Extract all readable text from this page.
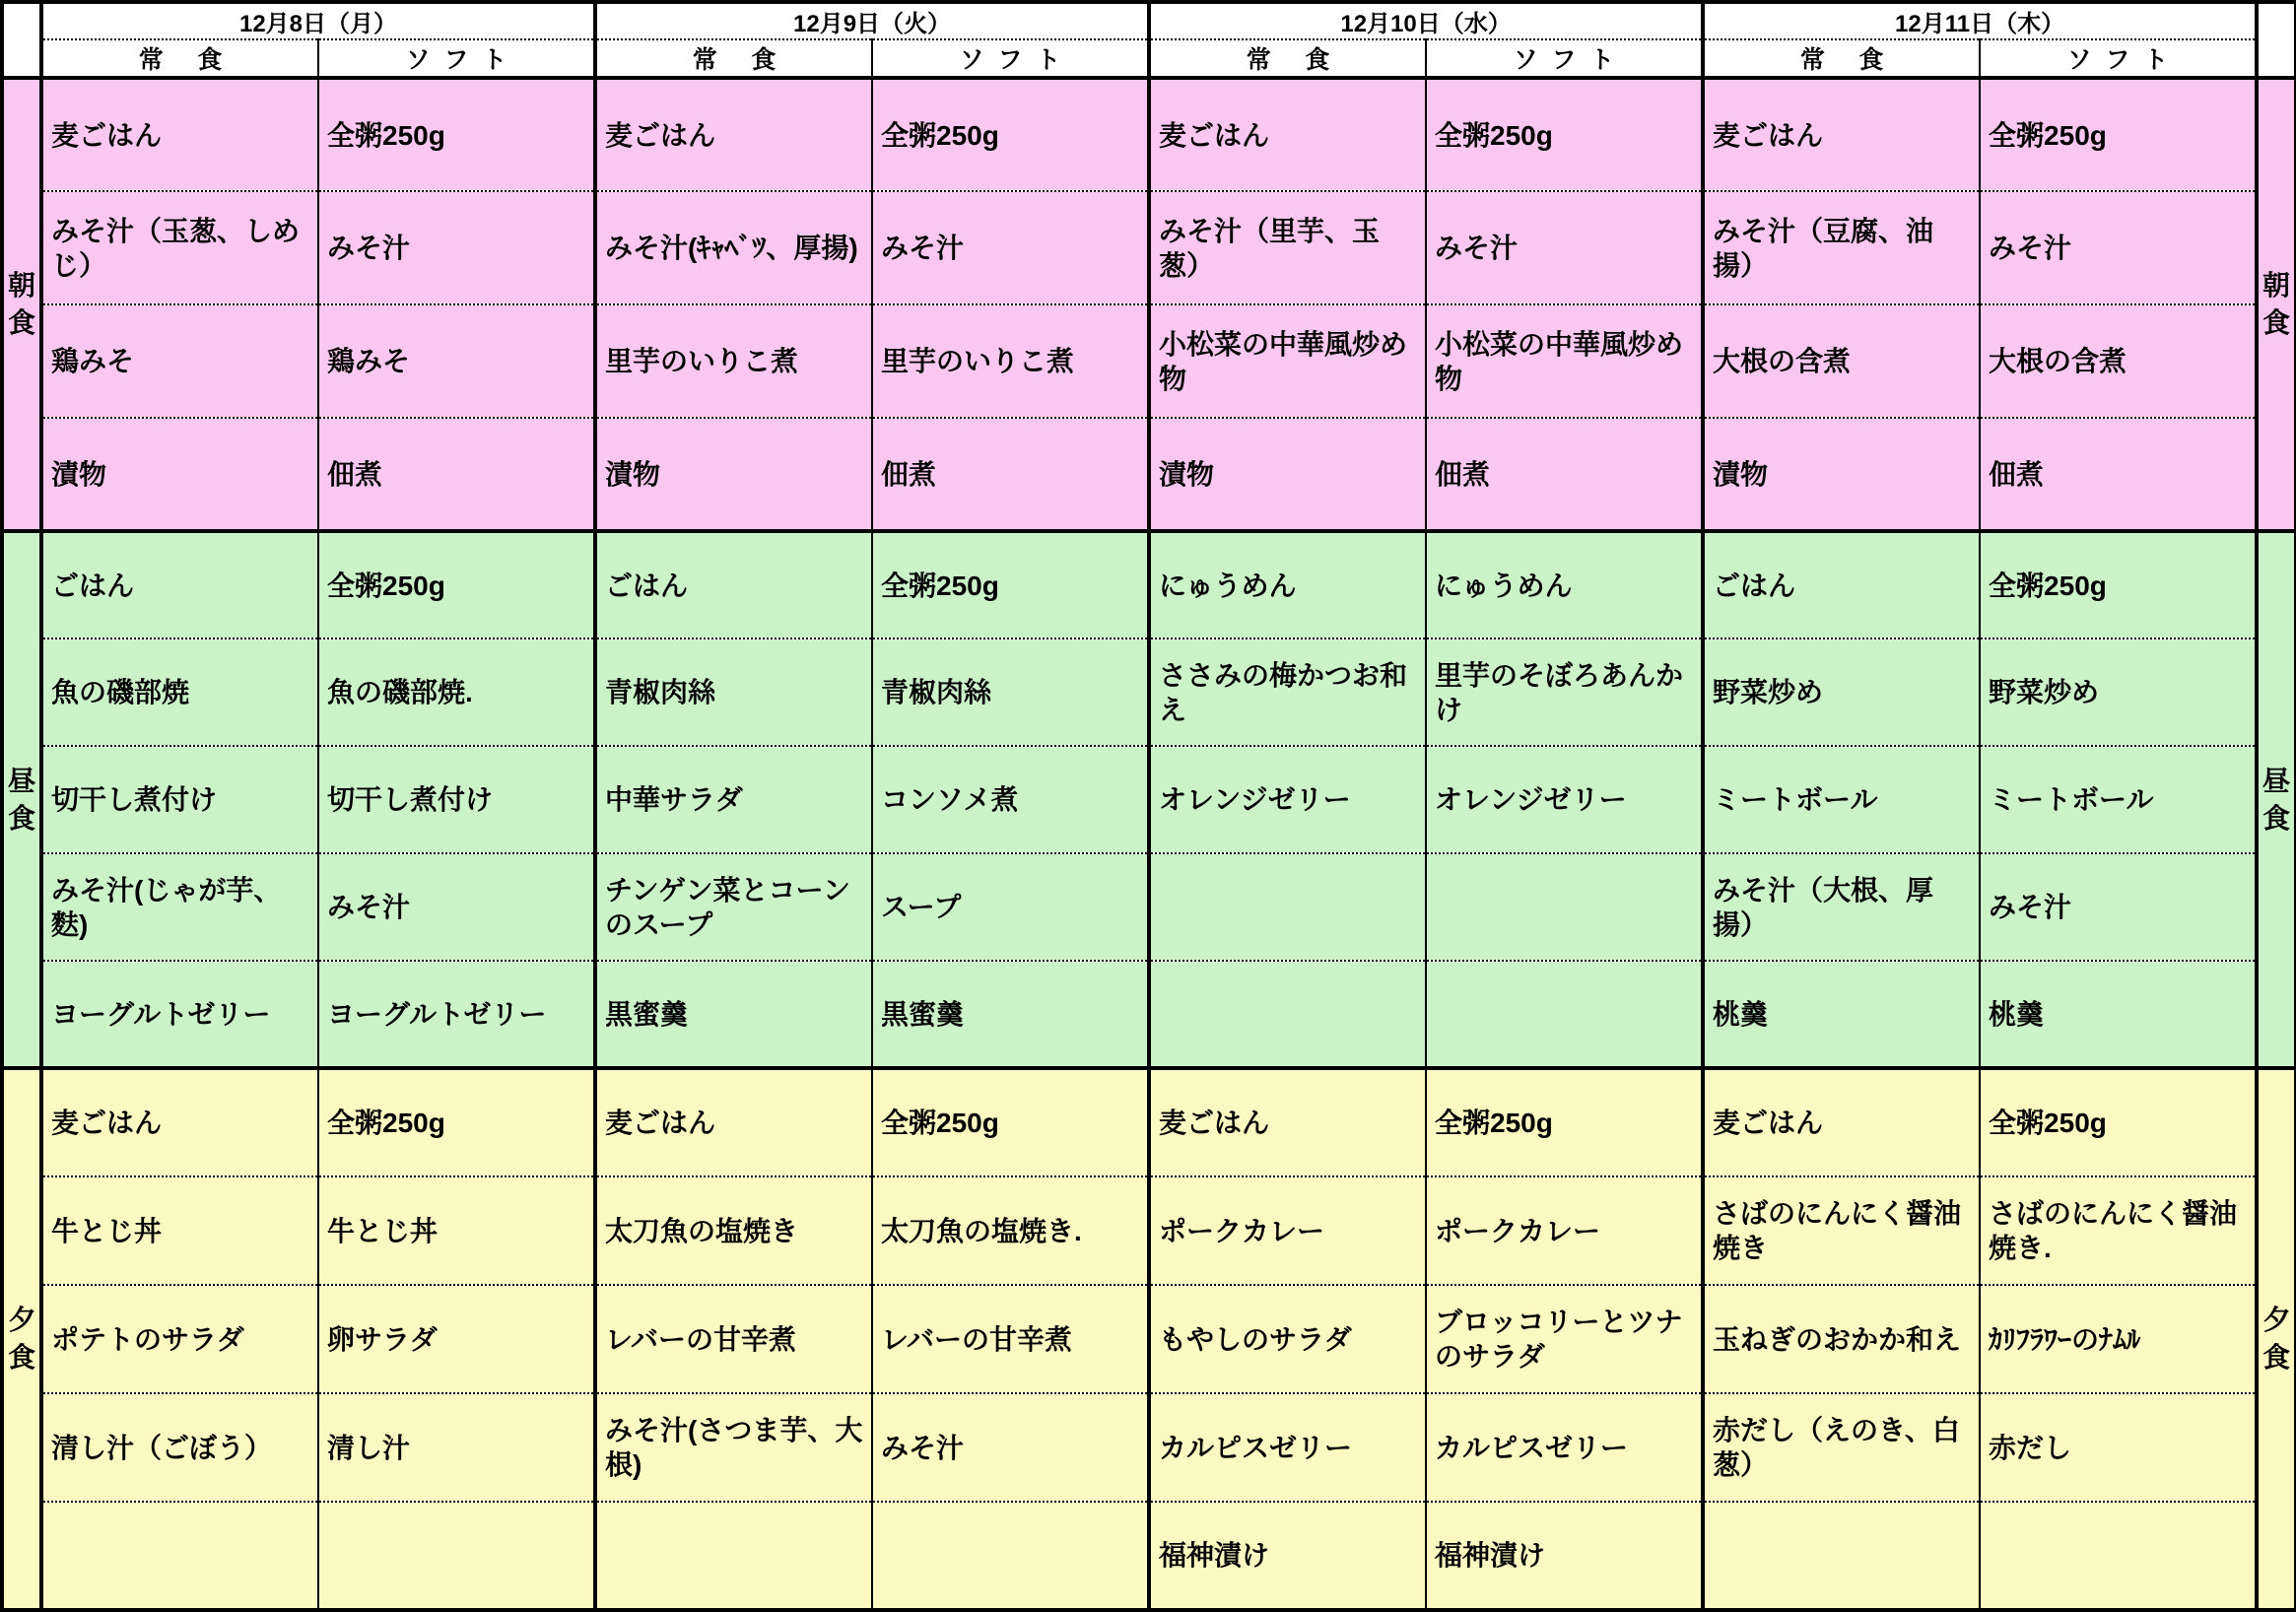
	12月8日（月）		12月9日（火）		12月10日（水）		12月11日（木）		
	常 食	ソフト	常 食	ソフト	常 食	ソフト	常 食	ソフト	
朝食	麦ごはん	全粥250g	麦ごはん	全粥250g	麦ごはん	全粥250g	麦ごはん	全粥250g	朝食
	みそ汁（玉葱、しめじ）	みそ汁	みそ汁(ｷｬﾍﾞﾂ、厚揚)	みそ汁	みそ汁（里芋、玉葱）	みそ汁	みそ汁（豆腐、油揚）	みそ汁	
	鶏みそ	鶏みそ	里芋のいりこ煮	里芋のいりこ煮	小松菜の中華風炒め物	小松菜の中華風炒め物	大根の含煮	大根の含煮	
	漬物	佃煮	漬物	佃煮	漬物	佃煮	漬物	佃煮	
昼食	ごはん	全粥250g	ごはん	全粥250g	にゅうめん	にゅうめん	ごはん	全粥250g	昼食
	魚の磯部焼	魚の磯部焼.	青椒肉絲	青椒肉絲	ささみの梅かつお和え	里芋のそぼろあんかけ	野菜炒め	野菜炒め	
	切干し煮付け	切干し煮付け	中華サラダ	コンソメ煮	オレンジゼリー	オレンジゼリー	ミートボール	ミートボール	
	みそ汁(じゃが芋、麩)	みそ汁	チンゲン菜とコーンのスープ	スープ			みそ汁（大根、厚揚）	みそ汁	
	ヨーグルトゼリー	ヨーグルトゼリー	黒蜜羹	黒蜜羹			桃羹	桃羹	
夕食	麦ごはん	全粥250g	麦ごはん	全粥250g	麦ごはん	全粥250g	麦ごはん	全粥250g	夕食
	牛とじ丼	牛とじ丼	太刀魚の塩焼き	太刀魚の塩焼き.	ポークカレー	ポークカレー	さばのにんにく醤油焼き	さばのにんにく醤油焼き.	
	ポテトのサラダ	卵サラダ	レバーの甘辛煮	レバーの甘辛煮	もやしのサラダ	ブロッコリーとツナのサラダ	玉ねぎのおかか和え	ｶﾘﾌﾗﾜｰのﾅﾑﾙ	
	清し汁（ごぼう）	清し汁	みそ汁(さつま芋、大根)	みそ汁	カルピスゼリー	カルピスゼリー	赤だし（えのき、白葱）	赤だし	
					福神漬け	福神漬け			
